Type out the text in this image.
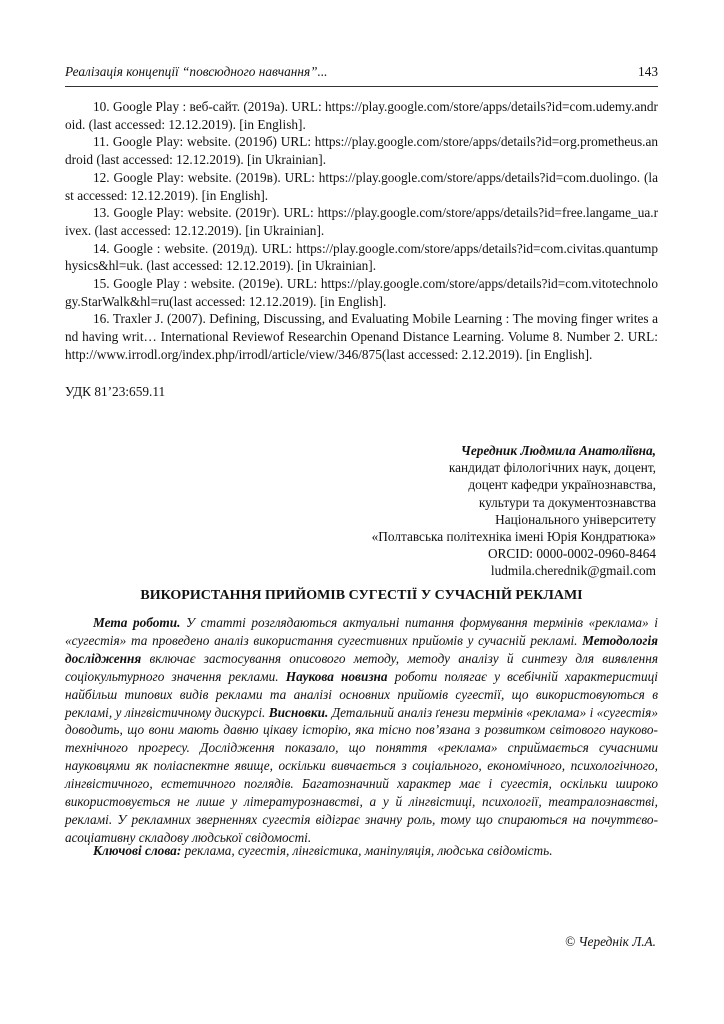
Реалізація концепції “повсюдного навчання”...	143

10. Google Play : веб-сайт. (2019а). URL: https://play.google.com/store/apps/details?id=com.udemy.android. (last accessed: 12.12.2019). [in English].

11. Google Play: website. (2019б) URL: https://play.google.com/store/apps/details?id=org.prometheus.android (last accessed: 12.12.2019). [in Ukrainian].

12. Google Play: website. (2019в). URL: https://play.google.com/store/apps/details?id=com.duolingo. (last accessed: 12.12.2019). [in English].

13. Google Play: website. (2019г). URL: https://play.google.com/store/apps/details?id=free.langame_ua.rivex. (last accessed: 12.12.2019). [in Ukrainian].

14. Google : website. (2019д). URL: https://play.google.com/store/apps/details?id=com.civitas.quantumphysics&hl=uk. (last accessed: 12.12.2019). [in Ukrainian].

15. Google Play : website. (2019е). URL: https://play.google.com/store/apps/details?id=com.vitotechnology.StarWalk&hl=ru(last accessed: 12.12.2019). [in English].

16. Traxler J. (2007). Defining, Discussing, and Evaluating Mobile Learning : The moving finger writes and having writ… International Reviewof Researchin Openand Distance Learning. Volume 8. Number 2. URL: http://www.irrodl.org/index.php/irrodl/article/view/346/875(last accessed: 2.12.2019). [in English].

УДК 81’23:659.11
Чередник Людмила Анатоліївна,
кандидат філологічних наук, доцент,
доцент кафедри українознавства,
культури та документознавства
Національного університету
«Полтавська політехніка імені Юрія Кондратюка»
ORCID: 0000-0002-0960-8464
ludmila.cherednik@gmail.com
ВИКОРИСТАННЯ ПРИЙОМІВ СУГЕСТІЇ У СУЧАСНІЙ РЕКЛАМІ

Мета роботи. У статті розглядаються актуальні питання формування термінів «реклама» і «сугестія» та проведено аналіз використання сугестивних прийомів у сучасній рекламі. Методологія дослідження включає застосування описового методу, методу аналізу й синтезу для виявлення соціокультурного значення реклами. Наукова новизна роботи полягає у всебічній характеристиці найбільш типових видів реклами та аналізі основних прийомів сугестії, що використовуються в рекламі, у лінгвістичному дискурсі. Висновки. Детальний аналіз ґенези термінів «реклама» і «сугестія» доводить, що вони мають давню цікаву історію, яка тісно пов’язана з розвитком світового науково-технічного прогресу. Дослідження показало, що поняття «реклама» сприймається сучасними науковцями як поліаспектне явище, оскільки вивчається з соціального, економічного, психологічного, лінгвістичного, естетичного поглядів. Багатозначний характер має і сугестія, оскільки широко використовується не лише у літературознавстві, а у й лінгвістиці, психології, театралознавстві, рекламі. У рекламних зверненнях сугестія відіграє значну роль, тому що спираються на почуттєво-асоціативну складову людської свідомості.

Ключові слова: реклама, сугестія, лінгвістика, маніпуляція, людська свідомість.
© Череднік Л.А.
